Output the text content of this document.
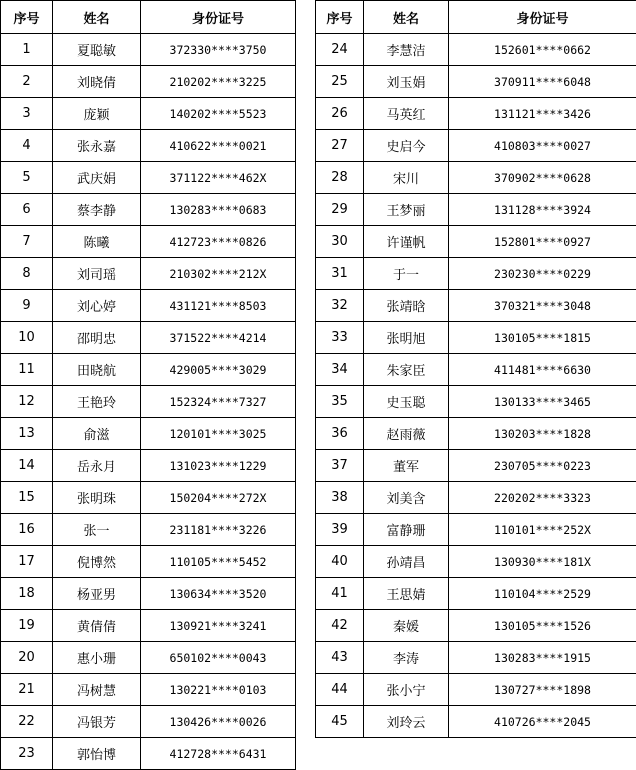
序号	姓名	身份证号
1	夏聪敏	372330****3750
2	刘晓倩	210202****3225
3	庞颖	140202****5523
4	张永嘉	410622****0021
5	武庆娟	371122****462X
6	蔡李静	130283****0683
7	陈曦	412723****0826
8	刘司瑶	210302****212X
9	刘心婷	431121****8503
10	邵明忠	371522****4214
11	田晓航	429005****3029
12	王艳玲	152324****7327
13	俞滋	120101****3025
14	岳永月	131023****1229
15	张明珠	150204****272X
16	张一	231181****3226
17	倪博然	110105****5452
18	杨亚男	130634****3520
19	黄倩倩	130921****3241
20	惠小珊	650102****0043
21	冯树慧	130221****0103
22	冯银芳	130426****0026
23	郭怡博	412728****6431
序号	姓名	身份证号
24	李慧洁	152601****0662
25	刘玉娟	370911****6048
26	马英红	131121****3426
27	史启今	410803****0027
28	宋川	370902****0628
29	王梦丽	131128****3924
30	许谨帆	152801****0927
31	于一	230230****0229
32	张靖晗	370321****3048
33	张明旭	130105****1815
34	朱家臣	411481****6630
35	史玉聪	130133****3465
36	赵雨薇	130203****1828
37	董军	230705****0223
38	刘美含	220202****3323
39	富静珊	110101****252X
40	孙靖昌	130930****181X
41	王思婧	110104****2529
42	秦媛	130105****1526
43	李涛	130283****1915
44	张小宁	130727****1898
45	刘玲云	410726****2045
